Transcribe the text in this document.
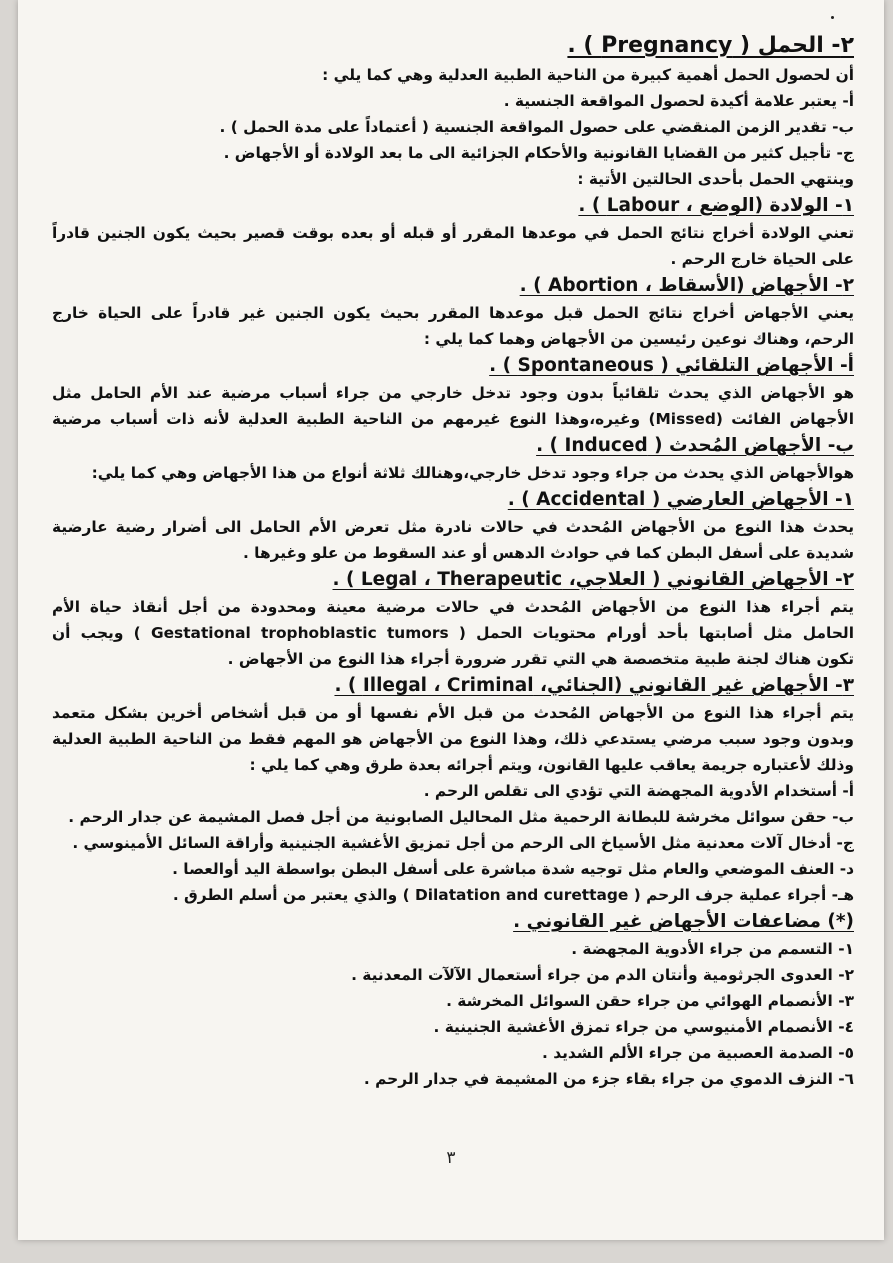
٢- الحمل ( Pregnancy ) .
أن لحصول الحمل أهمية كبيرة من الناحية الطبية العدلية وهي كما يلي :
أ- يعتبر علامة أكيدة لحصول المواقعة الجنسية .
ب- تقدير الزمن المنقضي على حصول المواقعة الجنسية ( أعتماداً على مدة الحمل ) .
ج- تأجيل كثير من القضايا القانونية والأحكام الجزائية الى ما بعد الولادة أو الأجهاض .
وينتهي الحمل بأحدى الحالتين الأتية :
١- الولادة (الوضع ، Labour ) .
تعني الولادة أخراج نتائج الحمل في موعدها المقرر أو قبله أو بعده بوقت قصير بحيث يكون الجنين قادراً
على الحياة خارج الرحم .
٢- الأجهاض (الأسقاط ، Abortion ) .
يعني الأجهاض أخراج نتائج الحمل قبل موعدها المقرر بحيث يكون الجنين غير قادراً على الحياة خارج
الرحم، وهناك نوعين رئيسين من الأجهاض وهما كما يلي :
أ- الأجهاض التلقائي ( Spontaneous ) .
هو الأجهاض الذي يحدث تلقائياً بدون وجود تدخل خارجي من جراء أسباب مرضية عند الأم الحامل مثل
الأجهاض الفائت (Missed) وغيره،وهذا النوع غيرمهم من الناحية الطبية العدلية لأنه ذات أسباب مرضية
ب- الأجهاض المُحدث ( Induced ) .
هوالأجهاض الذي يحدث من جراء وجود تدخل خارجي،وهنالك ثلاثة أنواع من هذا الأجهاض وهي كما يلي:
١- الأجهاض العارضي ( Accidental ) .
يحدث هذا النوع من الأجهاض المُحدث في حالات نادرة مثل تعرض الأم الحامل الى أضرار رضية عارضية
شديدة على أسفل البطن كما في حوادث الدهس أو عند السقوط من علو وغيرها .
٢- الأجهاض القانوني ( العلاجي، Legal ، Therapeutic ) .
يتم أجراء هذا النوع من الأجهاض المُحدث في حالات مرضية معينة ومحدودة من أجل أنقاذ حياة الأم
الحامل مثل أصابتها بأحد أورام محتويات الحمل ( Gestational trophoblastic tumors ) ويجب أن
تكون هناك لجنة طبية متخصصة هي التي تقرر ضرورة أجراء هذا النوع من الأجهاض .
٣- الأجهاض غير القانوني (الجنائي، Illegal ، Criminal ) .
يتم أجراء هذا النوع من الأجهاض المُحدث من قبل الأم نفسها أو من قبل أشخاص أخرين بشكل متعمد
وبدون وجود سبب مرضي يستدعي ذلك، وهذا النوع من الأجهاض هو المهم فقط من الناحية الطبية العدلية
وذلك لأعتباره جريمة يعاقب عليها القانون، ويتم أجرائه بعدة طرق وهي كما يلي :
أ- أستخدام الأدوية المجهضة التي تؤدي الى تقلص الرحم .
ب- حقن سوائل مخرشة للبطانة الرحمية مثل المحاليل الصابونية من أجل فصل المشيمة عن جدار الرحم .
ج- أدخال آلات معدنية مثل الأسياخ الى الرحم من أجل تمزيق الأغشية الجنينية وأراقة السائل الأمينوسي .
د- العنف الموضعي والعام مثل توجيه شدة مباشرة على أسفل البطن بواسطة اليد أوالعصا .
هـ- أجراء عملية جرف الرحم ( Dilatation and curettage ) والذي يعتبر من أسلم الطرق .
(*) مضاعفات الأجهاض غير القانوني .
١- التسمم من جراء الأدوية المجهضة .
٢- العدوى الجرثومية وأنتان الدم من جراء أستعمال الآلآت المعدنية .
٣- الأنصمام الهوائي من جراء حقن السوائل المخرشة .
٤- الأنصمام الأمنيوسي من جراء تمزق الأغشية الجنينية .
٥- الصدمة العصبية من جراء الألم الشديد .
٦- النزف الدموي من جراء بقاء جزء من المشيمة في جدار الرحم .
٣
